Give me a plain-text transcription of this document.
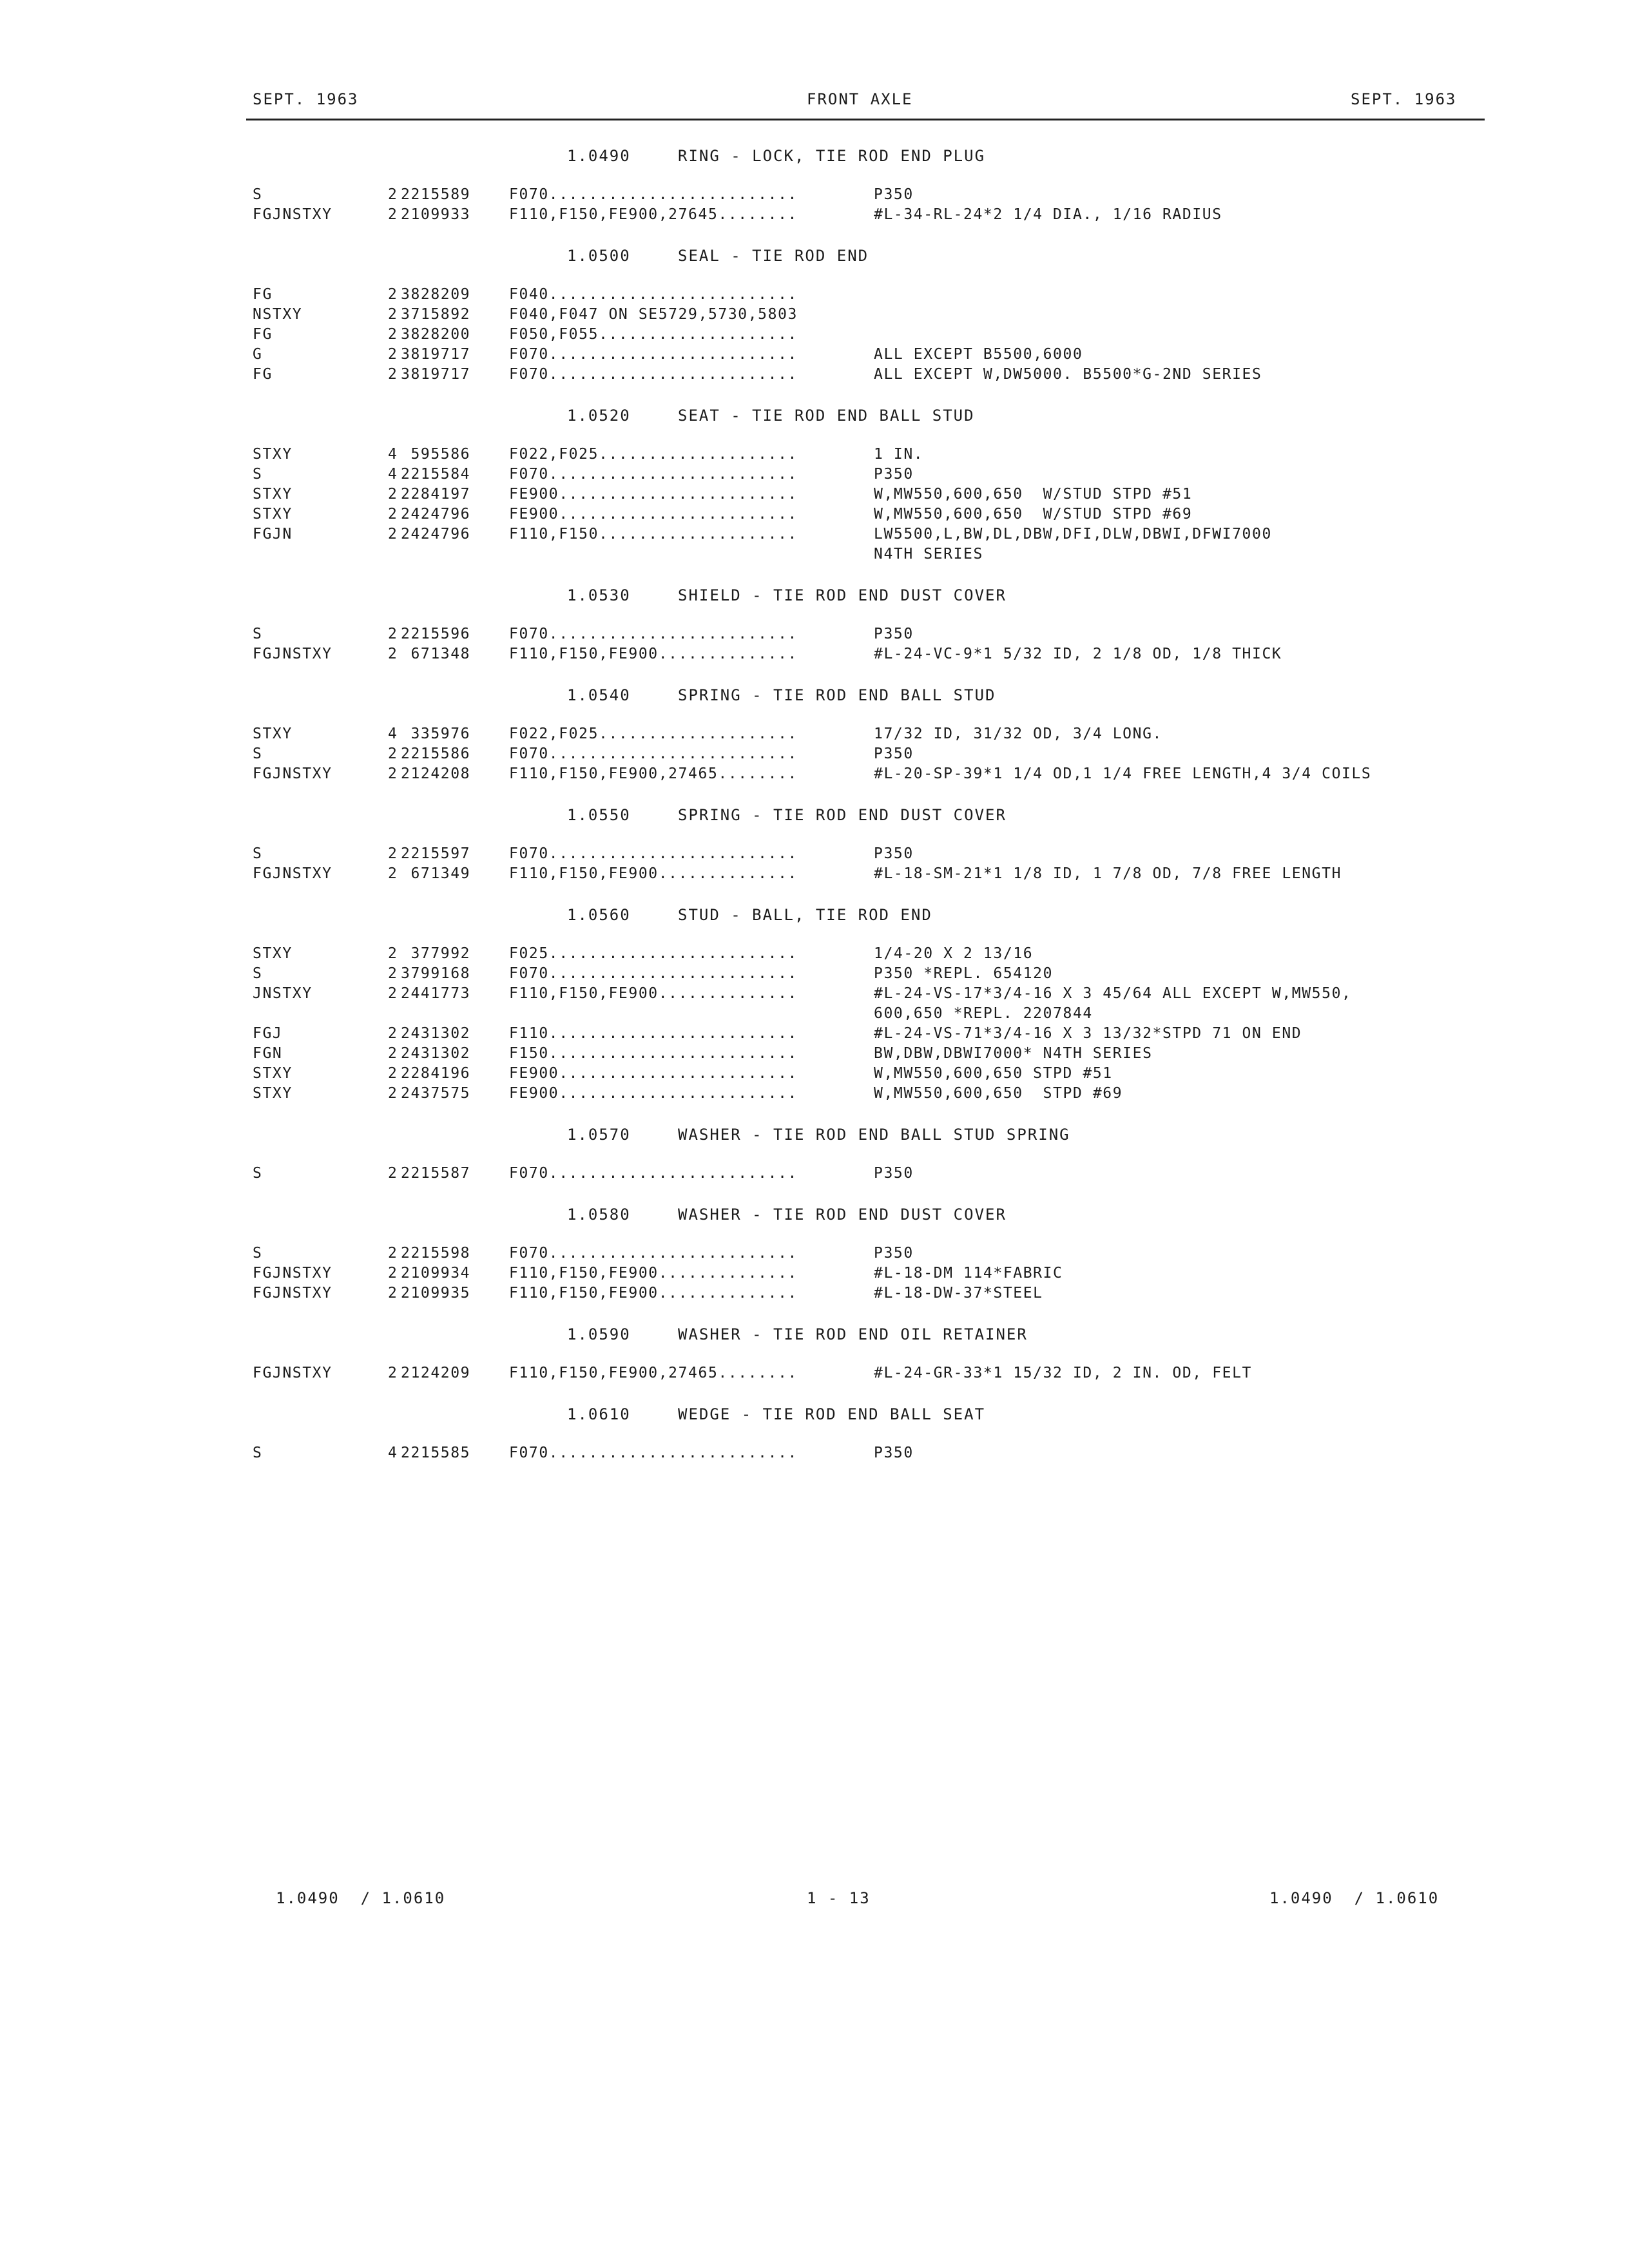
SEPT. 1963	FRONT AXLE	SEPT. 1963
1.0490	RING - LOCK, TIE ROD END PLUG
S	2 2215589	F070.........................	P350
FGJNSTXY	2 2109933	F110,F150,FE900,27645........	#L-34-RL-24*2 1/4 DIA., 1/16 RADIUS
1.0500	SEAL - TIE ROD END
FG	2 3828209	F040.........................
NSTXY	2 3715892	F040,F047 ON SE5729,5730,5803
FG	2 3828200	F050,F055....................
G	2 3819717	F070.........................	ALL EXCEPT B5500,6000
FG	2 3819717	F070.........................	ALL EXCEPT W,DW5000. B5500*G-2ND SERIES
1.0520	SEAT - TIE ROD END BALL STUD
STXY	4 595586	F022,F025....................	1 IN.
S	4 2215584	F070.........................	P350
STXY	2 2284197	FE900........................	W,MW550,600,650  W/STUD STPD #51
STXY	2 2424796	FE900........................	W,MW550,600,650  W/STUD STPD #69
FGJN	2 2424796	F110,F150....................	LW5500,L,BW,DL,DBW,DFI,DLW,DBWI,DFWI7000
N4TH SERIES
1.0530	SHIELD - TIE ROD END DUST COVER
S	2 2215596	F070.........................	P350
FGJNSTXY	2 671348	F110,F150,FE900..............	#L-24-VC-9*1 5/32 ID, 2 1/8 OD, 1/8 THICK
1.0540	SPRING - TIE ROD END BALL STUD
STXY	4 335976	F022,F025....................	17/32 ID, 31/32 OD, 3/4 LONG.
S	2 2215586	F070.........................	P350
FGJNSTXY	2 2124208	F110,F150,FE900,27465........	#L-20-SP-39*1 1/4 OD,1 1/4 FREE LENGTH,4 3/4 COILS
1.0550	SPRING - TIE ROD END DUST COVER
S	2 2215597	F070.........................	P350
FGJNSTXY	2 671349	F110,F150,FE900..............	#L-18-SM-21*1 1/8 ID, 1 7/8 OD, 7/8 FREE LENGTH
1.0560	STUD - BALL, TIE ROD END
STXY	2 377992	F025.........................	1/4-20 X 2 13/16
S	2 3799168	F070.........................	P350 *REPL. 654120
JNSTXY	2 2441773	F110,F150,FE900..............	#L-24-VS-17*3/4-16 X 3 45/64 ALL EXCEPT W,MW550,
600,650 *REPL. 2207844
FGJ	2 2431302	F110.........................	#L-24-VS-71*3/4-16 X 3 13/32*STPD 71 ON END
FGN	2 2431302	F150.........................	BW,DBW,DBWI7000* N4TH SERIES
STXY	2 2284196	FE900........................	W,MW550,600,650 STPD #51
STXY	2 2437575	FE900........................	W,MW550,600,650  STPD #69
1.0570	WASHER - TIE ROD END BALL STUD SPRING
S	2 2215587	F070.........................	P350
1.0580	WASHER - TIE ROD END DUST COVER
S	2 2215598	F070.........................	P350
FGJNSTXY	2 2109934	F110,F150,FE900..............	#L-18-DM 114*FABRIC
FGJNSTXY	2 2109935	F110,F150,FE900..............	#L-18-DW-37*STEEL
1.0590	WASHER - TIE ROD END OIL RETAINER
FGJNSTXY	2 2124209	F110,F150,FE900,27465........	#L-24-GR-33*1 15/32 ID, 2 IN. OD, FELT
1.0610	WEDGE - TIE ROD END BALL SEAT
S	4 2215585	F070.........................	P350
1.0490  / 1.0610	1 - 13	1.0490  / 1.0610
